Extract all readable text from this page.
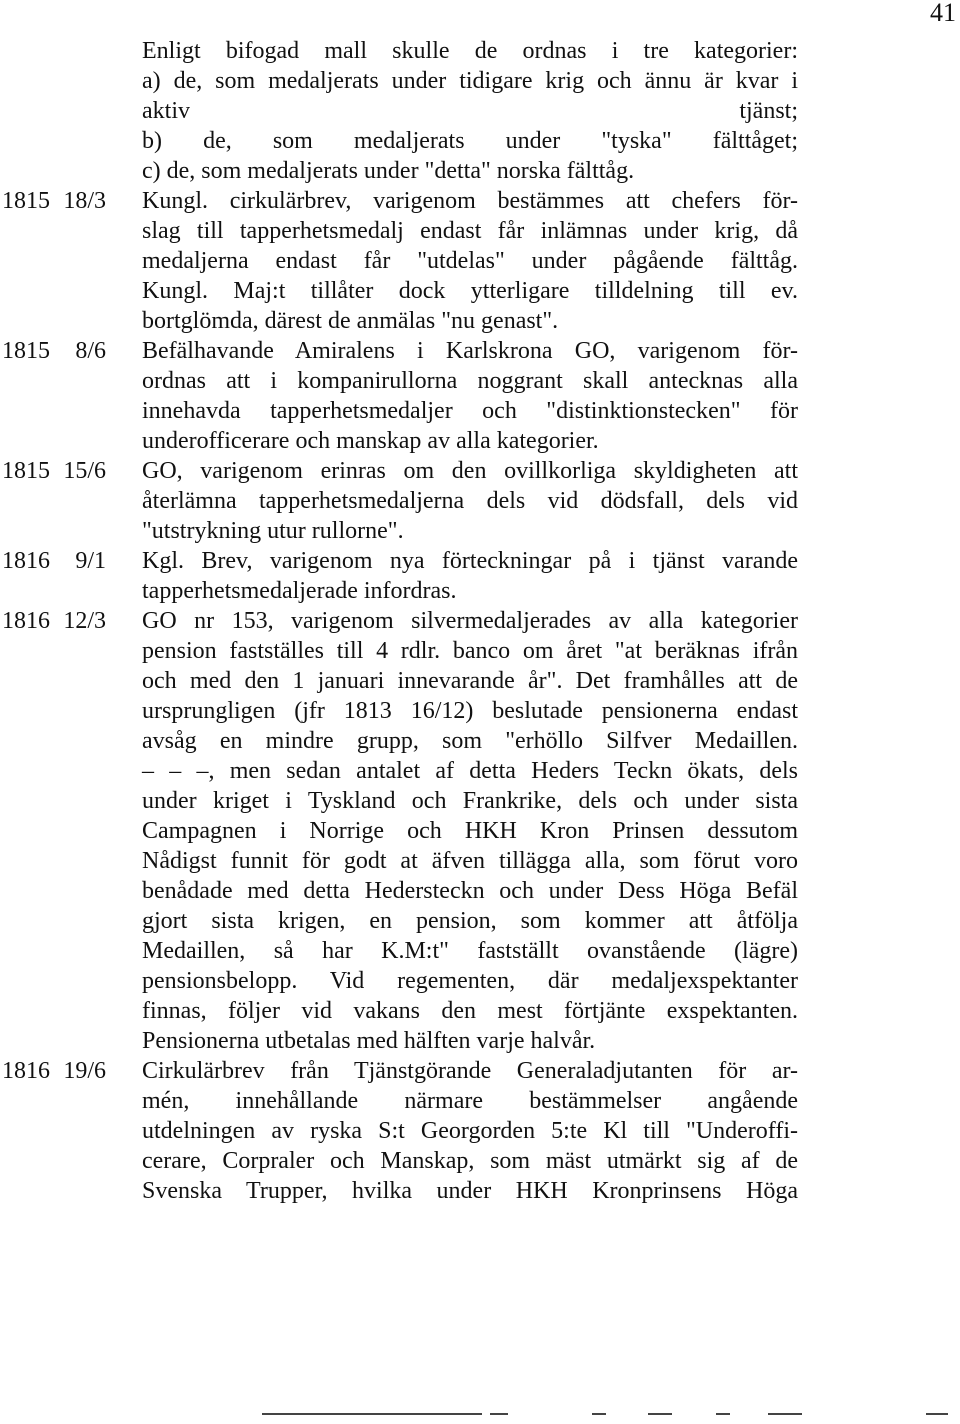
41
Enligt bifogad mall skulle de ordnas i tre kategorier:
a) de, som medaljerats under tidigare krig och ännu är kvar i
aktiv tjänst;
b) de, som medaljerats under "tyska" fälttåget;
c) de, som medaljerats under "detta" norska fälttåg.
1815 18/3	Kungl. cirkulärbrev, varigenom bestämmes att chefers för-
slag till tapperhetsmedalj endast får inlämnas under krig, då
medaljerna endast får "utdelas" under pågående fälttåg.
Kungl. Maj:t tillåter dock ytterligare tilldelning till ev.
bortglömda, därest de anmälas "nu genast".
1815 8/6	Befälhavande Amiralens i Karlskrona GO, varigenom för-
ordnas att i kompanirullorna noggrant skall antecknas alla
innehavda tapperhetsmedaljer och "distinktionstecken" för
underofficerare och manskap av alla kategorier.
1815 15/6	GO, varigenom erinras om den ovillkorliga skyldigheten att
återlämna tapperhetsmedaljerna dels vid dödsfall, dels vid
"utstrykning utur rullorne".
1816 9/1	Kgl. Brev, varigenom nya förteckningar på i tjänst varande
tapperhetsmedaljerade infordras.
1816 12/3	GO nr 153, varigenom silvermedaljerades av alla kategorier
pension fastställes till 4 rdlr. banco om året "at beräknas ifrån
och med den 1 januari innevarande år". Det framhålles att de
ursprungligen (jfr 1813 16/12) beslutade pensionerna endast
avsåg en mindre grupp, som "erhöllo Silfver Medaillen.
– – –, men sedan antalet af detta Heders Teckn ökats, dels
under kriget i Tyskland och Frankrike, dels och under sista
Campagnen i Norrige och HKH Kron Prinsen dessutom
Nådigst funnit för godt at äfven tillägga alla, som förut voro
benådade med detta Hedersteckn och under Dess Höga Befäl
gjort sista krigen, en pension, som kommer att åtfölja
Medaillen, så har K.M:t" fastställt ovanstående (lägre)
pensionsbelopp. Vid regementen, där medaljexspektanter
finnas, följer vid vakans den mest förtjänte exspektanten.
Pensionerna utbetalas med hälften varje halvår.
1816 19/6	Cirkulärbrev från Tjänstgörande Generaladjutanten för ar-
mén, innehållande närmare bestämmelser angående
utdelningen av ryska S:t Georgorden 5:te Kl till "Underoffi-
cerare, Corpraler och Manskap, som mäst utmärkt sig af de
Svenska Trupper, hvilka under HKH Kronprinsens Höga
